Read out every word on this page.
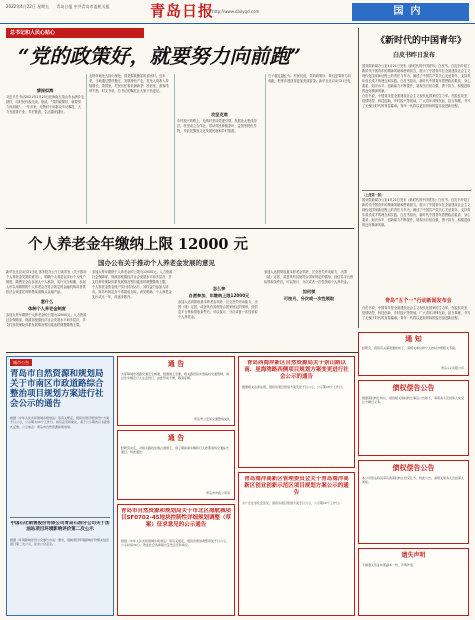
2022年4月22日 星期五 青岛日报 中共青岛市委机关报	青岛日报
http://www.dailyqd.com	国内
总书记和人民心贴心
“党的政策好，就要努力向前跑”
情深似海
习近平总书记2021年1月25日在海南五指山市水满乡毛纳村，同村民代表交谈。他说，“党的政策好，就要努力向前跑”。一年多来，毛纳村干部群众牢记嘱托，大力发展茶产业、乡村旅游，生活越来越好。
毛纳村地处五指山深处，曾是黎族聚居的贫困村。近年来，当地通过整村搬迁、发展特色产业，村民人均收入持续增长。茶园里，村民们忙着采摘新茶；民宿里，游客络绎不绝。村支书说，总书记的嘱托让大家干劲更足。
攻坚克难
乡村振兴的路上，毛纳村坚持党建引领，发展壮大集体经济。村里成立合作社，带动村民种植茶叶、益智等特色作物，并依托黎族文化发展民宿和乡村旅游。
日子越过越红火。村民们说，党的政策好，我们更要努力向前跑，把家乡建设得更加美丽富饶。新华社北京4月21日电
《新时代的中国青年》
白皮书昨日发布
国务院新闻办公室4月21日发布《新时代的中国青年》白皮书。白皮书介绍了新时代中国青年的精神风貌和使命担当，展示了中国青年在全面建设社会主义现代化国家新征程上的责任与作为，阐述了中国共产党关心关爱青年、支持青年成长成才的理念和实践。白皮书指出，新时代中国青年思想政治素质、身心素质、知识水平、创新能力不断提升，展现出自信自强、勇于担当、积极进取的良好精神风貌。
白皮书说，中国青年是全面建设社会主义现代化国家的生力军。在脱贫攻坚、疫情防控、科技创新、乡村振兴等领域，广大青年冲锋在前、担当奉献，书写了无愧于时代的青春篇章。青年一代将以更加昂扬的姿态奋进新征程。
（上接第一版）
国务院新闻办公室4月21日发布《新时代的中国青年》白皮书。白皮书介绍了新时代中国青年的精神风貌和使命担当，展示了中国青年在全面建设社会主义现代化国家新征程上的责任与作为，阐述了中国共产党关心关爱青年、支持青年成长成才的理念和实践。白皮书指出，新时代中国青年思想政治素质、身心素质、知识水平、创新能力不断提升，展现出自信自强、勇于担当、积极进取的良好精神风貌。
青岛“五个一”行动新闻发布会
白皮书说，中国青年是全面建设社会主义现代化国家的生力军。在脱贫攻坚、疫情防控、科技创新、乡村振兴等领域，广大青年冲锋在前、担当奉献，书写了无愧于时代的青春篇章。青年一代将以更加昂扬的姿态奋进新征程。
个人养老金年缴纳上限 12000 元
国办公布关于推动个人养老金发展的意见
新华社北京4月21日电 国务院办公厅日前印发《关于推动个人养老金发展的意见》，明确个人养老金实行个人账户制度，缴费完全由参加人个人承担，实行完全积累。参加人可以用缴纳的个人养老金在符合规定的金融机构或者其依法合规委托的销售渠道购买金融产品。
意什么
体制个人养老金制度
参加人每年缴纳个人养老金的上限为12000元。人力资源社会保障部、财政部根据经济社会发展水平和多层次、多支柱养老保险体系发展情况等因素适时调整缴纳上限。
参加人每年缴纳个人养老金的上限为12000元。人力资源社会保障部、财政部根据经济社会发展水平和多层次、多支柱养老保险体系发展情况等因素适时调整缴纳上限。
个人养老金资金账户实行封闭运行，其权益归参加人所有，除另有规定外不得提前支取。意见明确，个人养老金先行试点一年，再逐步推开。
怎么参
自愿参加，年缴纳上限12000元
参加人达到领取基本养老金年龄、完全丧失劳动能力、出国（境）定居，或者具有其他符合国家规定的情形，经信息平台核验领取条件后，可以按月、分次或者一次性领取个人养老金。
参加人达到领取基本养老金年龄、完全丧失劳动能力、出国（境）定居，或者具有其他符合国家规定的情形，经信息平台核验领取条件后，可以按月、分次或者一次性领取个人养老金。
如何领
可按月、分次或一次性领取
城市公告
青岛市自然资源和规划局关于市南区市政道路综合整治项目规划方案进行社会公示的通告
根据《中华人民共和国城乡规划法》等有关规定，现将该项目规划设计方案予以公示，公示期为10个工作日。如有意见和建议，请于公示期内以书面形式反馈。公示地点：青岛市自然资源和规划局。
中国石化销售股份有限公司青岛石油分公司关于加油站项目环境影响评价第二次公示
根据《环境影响评价公众参与办法》要求，现就项目环境影响评价相关信息进行第二次公示，征求公众意见。
通 告
为保障城市道路交通安全畅通，根据施工需要，相关路段将实施临时交通管制，请过往车辆及行人注意绕行，由此带来不便，敬请谅解。
青岛市公安局交通警察支队
通 告
经研究决定，对相关路段实施占道施工，施工期间请车辆和行人按照现场交通标志通行。特此通告。
青岛市市政公用局
青岛市自然资源和规划局关于市北区海航城项目SF0702-45地块控制性详细规划调整（草案）征求意见的公示通告
根据《中华人民共和国城乡规划法》等有关规定，现将该规划调整草案予以公示，公示时间30日。欢迎社会各界提出宝贵意见和建议。
青岛西海岸新区自然资源局关于崇山路以南、星海湾路西侧项目规划方案变更进行社会公示的通告
根据相关法律法规，现将该项目规划方案变更予以公示，公示期10个工作日。
青岛海洋高新区管理委员会关于青岛海洋高新区创业创新示范区项目规划方案公示的通告
为广泛征求社会意见，现将该项目规划方案予以公示，公示期10个工作日。
通 知
经研究，现将有关事项通知如下，请相关单位和个人按时办理相关手续。
青岛××有限公司
债权偿告公告
根据债权转让协议，现将相关债权转让事宜公告如下，请债务人及担保人向受让方履行义务。
债权偿告公告
本公司依法将其享有的债权转让给受让方，特此公告，请相关债务人及担保人周知。
遗失声明
不慎遗失营业执照副本一份，声明作废。
